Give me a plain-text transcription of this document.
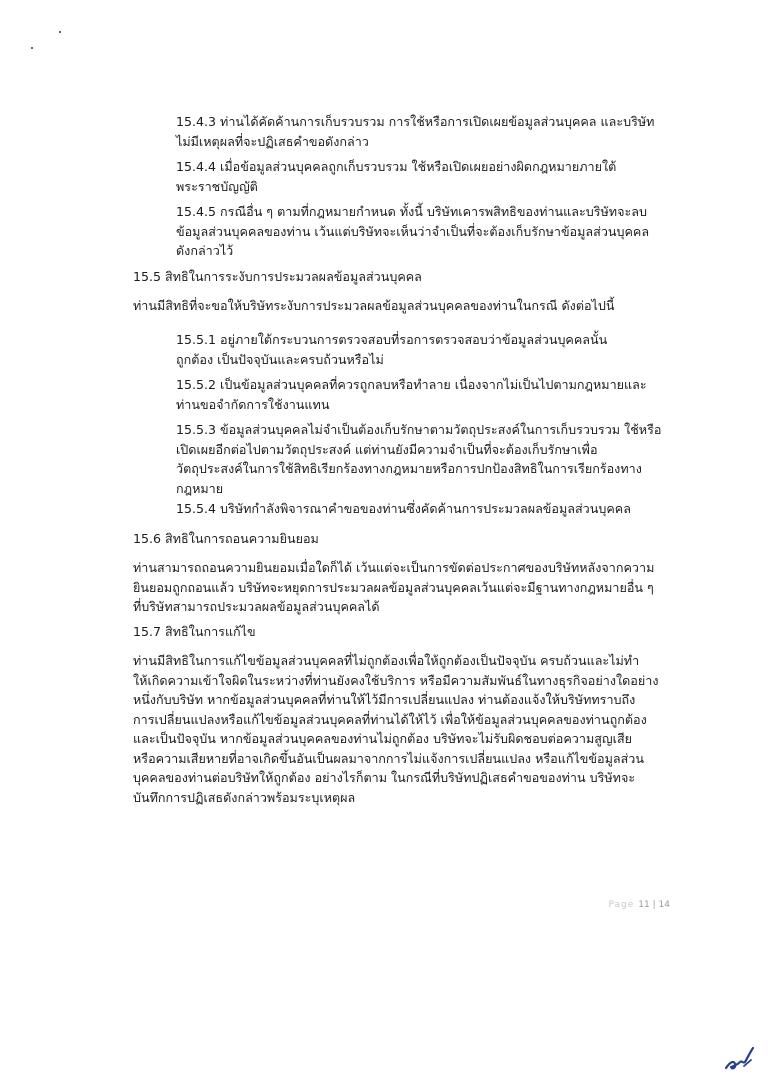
15.4.3 ท่านได้คัดค้านการเก็บรวบรวม การใช้หรือการเปิดเผยข้อมูลส่วนบุคคล และบริษัท
ไม่มีเหตุผลที่จะปฏิเสธคำขอดังกล่าว

15.4.4 เมื่อข้อมูลส่วนบุคคลถูกเก็บรวบรวม ใช้หรือเปิดเผยอย่างผิดกฎหมายภายใต้
พระราชบัญญัติ

15.4.5 กรณีอื่น ๆ ตามที่กฎหมายกำหนด ทั้งนี้ บริษัทเคารพสิทธิของท่านและบริษัทจะลบ
ข้อมูลส่วนบุคคลของท่าน เว้นแต่บริษัทจะเห็นว่าจำเป็นที่จะต้องเก็บรักษาข้อมูลส่วนบุคคล
ดังกล่าวไว้

15.5 สิทธิในการระงับการประมวลผลข้อมูลส่วนบุคคล

ท่านมีสิทธิที่จะขอให้บริษัทระงับการประมวลผลข้อมูลส่วนบุคคลของท่านในกรณี ดังต่อไปนี้

15.5.1 อยู่ภายใต้กระบวนการตรวจสอบที่รอการตรวจสอบว่าข้อมูลส่วนบุคคลนั้น
ถูกต้อง เป็นปัจจุบันและครบถ้วนหรือไม่

15.5.2 เป็นข้อมูลส่วนบุคคลที่ควรถูกลบหรือทำลาย เนื่องจากไม่เป็นไปตามกฎหมายและ
ท่านขอจำกัดการใช้งานแทน

15.5.3 ข้อมูลส่วนบุคคลไม่จำเป็นต้องเก็บรักษาตามวัตถุประสงค์ในการเก็บรวบรวม ใช้หรือ
เปิดเผยอีกต่อไปตามวัตถุประสงค์ แต่ท่านยังมีความจำเป็นที่จะต้องเก็บรักษาเพื่อ
วัตถุประสงค์ในการใช้สิทธิเรียกร้องทางกฎหมายหรือการปกป้องสิทธิในการเรียกร้องทาง
กฎหมาย

15.5.4 บริษัทกำลังพิจารณาคำขอของท่านซึ่งคัดค้านการประมวลผลข้อมูลส่วนบุคคล

15.6 สิทธิในการถอนความยินยอม

ท่านสามารถถอนความยินยอมเมื่อใดก็ได้ เว้นแต่จะเป็นการขัดต่อประกาศของบริษัทหลังจากความ
ยินยอมถูกถอนแล้ว บริษัทจะหยุดการประมวลผลข้อมูลส่วนบุคคลเว้นแต่จะมีฐานทางกฎหมายอื่น ๆ
ที่บริษัทสามารถประมวลผลข้อมูลส่วนบุคคลได้

15.7 สิทธิในการแก้ไข

ท่านมีสิทธิในการแก้ไขข้อมูลส่วนบุคคลที่ไม่ถูกต้องเพื่อให้ถูกต้องเป็นปัจจุบัน ครบถ้วนและไม่ทำ
ให้เกิดความเข้าใจผิดในระหว่างที่ท่านยังคงใช้บริการ หรือมีความสัมพันธ์ในทางธุรกิจอย่างใดอย่าง
หนึ่งกับบริษัท หากข้อมูลส่วนบุคคลที่ท่านให้ไว้มีการเปลี่ยนแปลง ท่านต้องแจ้งให้บริษัททราบถึง
การเปลี่ยนแปลงหรือแก้ไขข้อมูลส่วนบุคคลที่ท่านได้ให้ไว้ เพื่อให้ข้อมูลส่วนบุคคลของท่านถูกต้อง
และเป็นปัจจุบัน หากข้อมูลส่วนบุคคลของท่านไม่ถูกต้อง บริษัทจะไม่รับผิดชอบต่อความสูญเสีย
หรือความเสียหายที่อาจเกิดขึ้นอันเป็นผลมาจากการไม่แจ้งการเปลี่ยนแปลง หรือแก้ไขข้อมูลส่วน
บุคคลของท่านต่อบริษัทให้ถูกต้อง อย่างไรก็ตาม ในกรณีที่บริษัทปฏิเสธคำขอของท่าน บริษัทจะ
บันทึกการปฏิเสธดังกล่าวพร้อมระบุเหตุผล

Page 11 | 14
